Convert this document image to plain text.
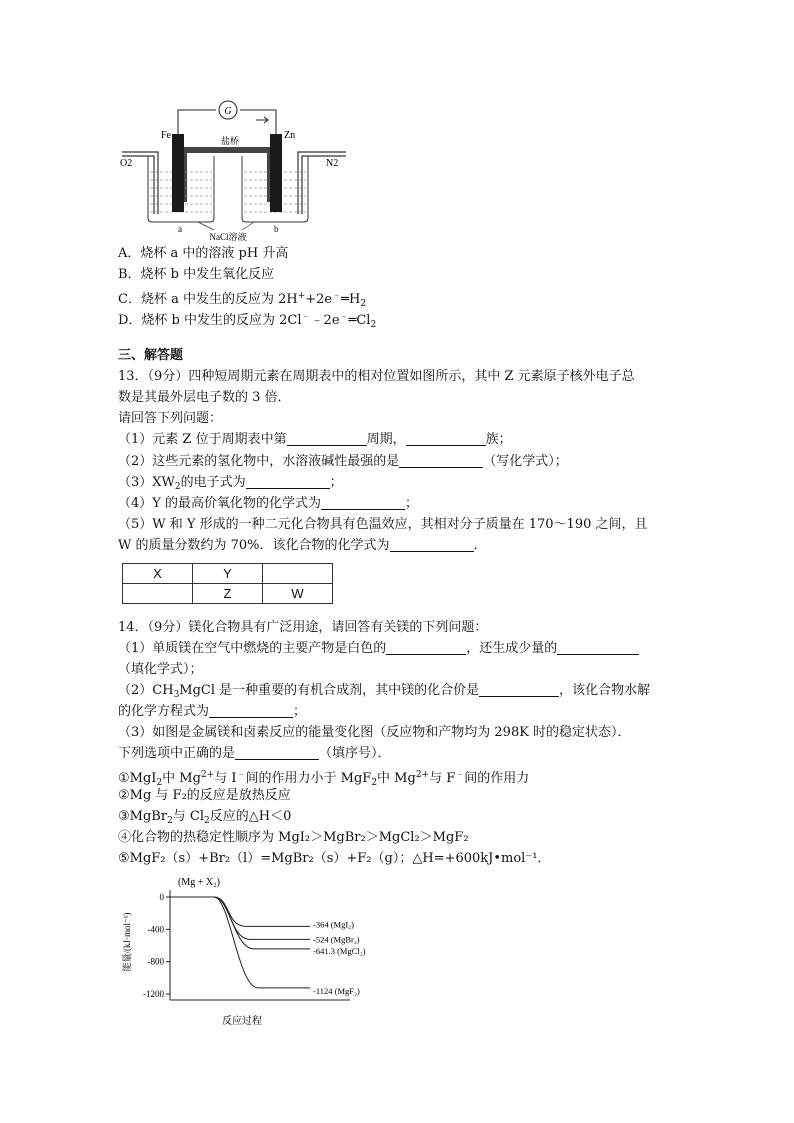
G
盐桥
Fe	Zn
O2	N2
a	b
NaCl溶液
A．烧杯 a 中的溶液 pH 升高
B．烧杯 b 中发生氧化反应
C．烧杯 a 中发生的反应为 $2H^++2e^﹣═H_2$
D．烧杯 b 中发生的反应为 $2Cl^﹣﹣2e^﹣═Cl_2$
三、解答题
13．（9分）四种短周期元素在周期表中的相对位置如图所示，其中 Z 元素原子核外电子总
数是其最外层电子数的 3 倍．
请回答下列问题：
（1）元素 Z 位于周期表中第	周期，	族；
（2）这些元素的氢化物中，水溶液碱性最强的是	（写化学式）；
$(3)XW_2$的电子式为	；
（4）Y 的最高价氧化物的化学式为	；
（5）W 和 Y 形成的一种二元化合物具有色温效应，其相对分子质量在 170～190 之间，且
W 的质量分数约为 70%．该化合物的化学式为	．
X	Y	
	Z	W
14．（9分）镁化合物具有广泛用途，请回答有关镁的下列问题：
（1）单质镁在空气中燃烧的主要产物是白色的	，还生成少量的
（填化学式）；
$(2)CH_3MgCl$ 是一种重要的有机合成剂，其中镁的化合价是	，该化合物水解
的化学方程式为	；
（3）如图是金属镁和卤素反应的能量变化图（反应物和产物均为 298K 时的稳定状态）．
下列选项中正确的是	（填序号）．
①MgI$_2$中 $Mg^{2+}$与 I﹣间的作用力小于 MgF$_2$中 $Mg^{2+}$与 F﹣间的作用力
②Mg 与 F₂的反应是放热反应
③MgBr$_2$与 $Cl_2$反应的△H＜0
④化合物的热稳定性顺序为 MgI₂＞MgBr₂＞MgCl₂＞MgF₂
⑤MgF₂（s）+Br₂（l）=MgBr₂（s）+F₂（g）；△H=+600kJ•mol⁻¹．
(Mg + X₂)
能量/(kJ·mol⁻¹)
反应过程
0
-400
-800
-1200
-364 (MgI₂)
-524 (MgBr₂)
-641.3 (MgCl₂)
-1124 (MgF₂)
